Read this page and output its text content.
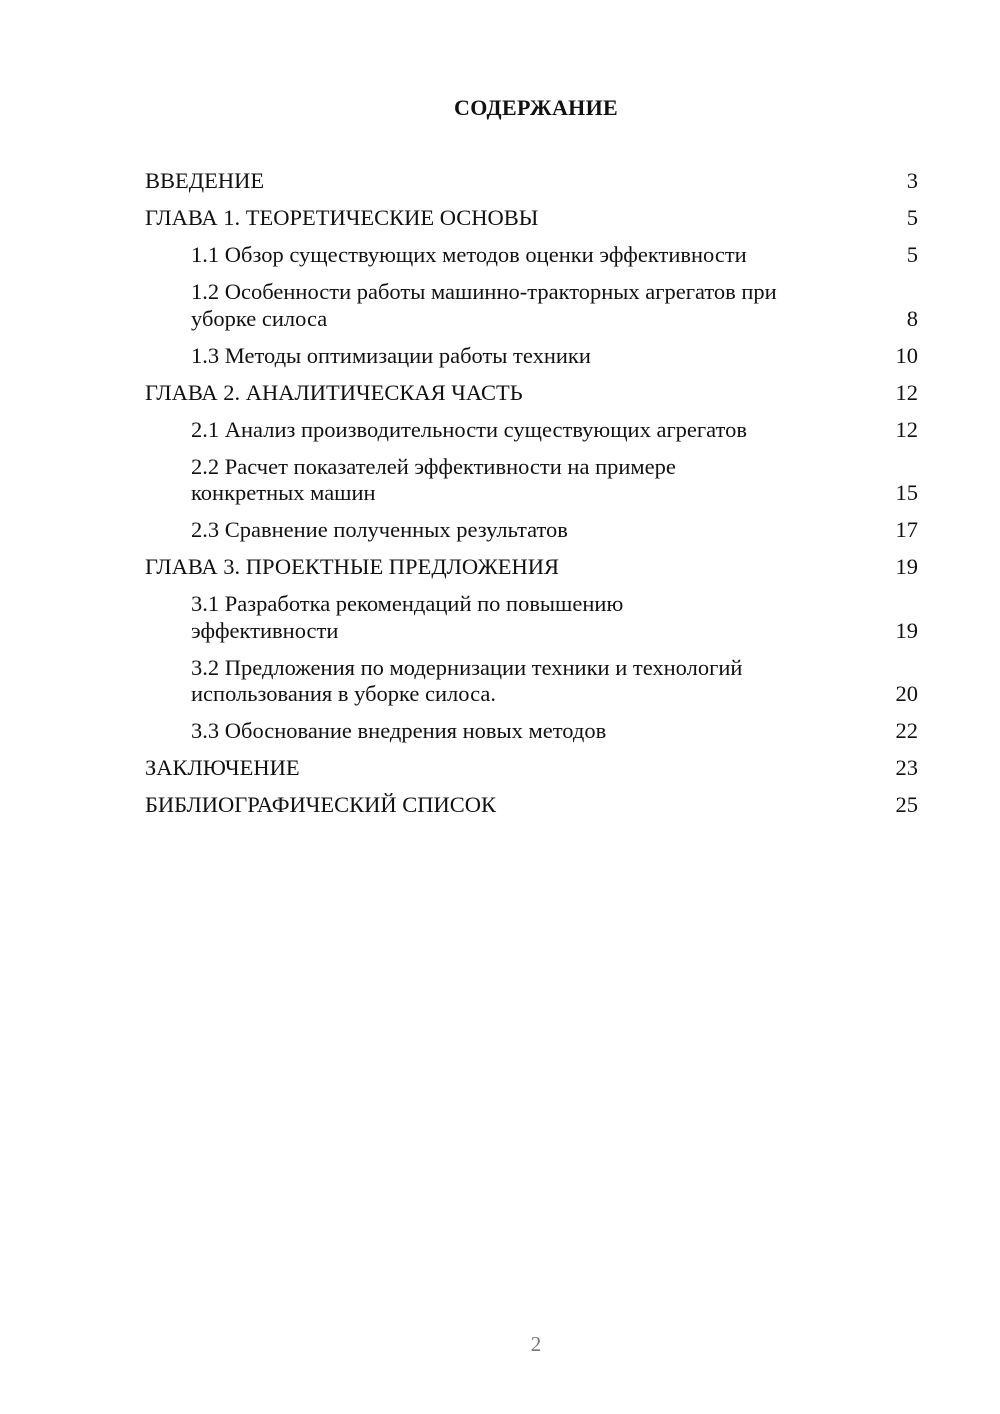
СОДЕРЖАНИЕ
ВВЕДЕНИЕ	3
ГЛАВА 1. ТЕОРЕТИЧЕСКИЕ ОСНОВЫ	5
1.1 Обзор существующих методов оценки эффективности	5
1.2 Особенности работы машинно-тракторных агрегатов при уборке силоса	8
1.3 Методы оптимизации работы техники	10
ГЛАВА 2. АНАЛИТИЧЕСКАЯ ЧАСТЬ	12
2.1 Анализ производительности существующих агрегатов	12
2.2 Расчет показателей эффективности на примере конкретных машин	15
2.3 Сравнение полученных результатов	17
ГЛАВА 3. ПРОЕКТНЫЕ ПРЕДЛОЖЕНИЯ	19
3.1 Разработка рекомендаций по повышению эффективности	19
3.2 Предложения по модернизации техники и технологий использования в уборке силоса.	20
3.3 Обоснование внедрения новых методов	22
ЗАКЛЮЧЕНИЕ	23
БИБЛИОГРАФИЧЕСКИЙ СПИСОК	25
2
